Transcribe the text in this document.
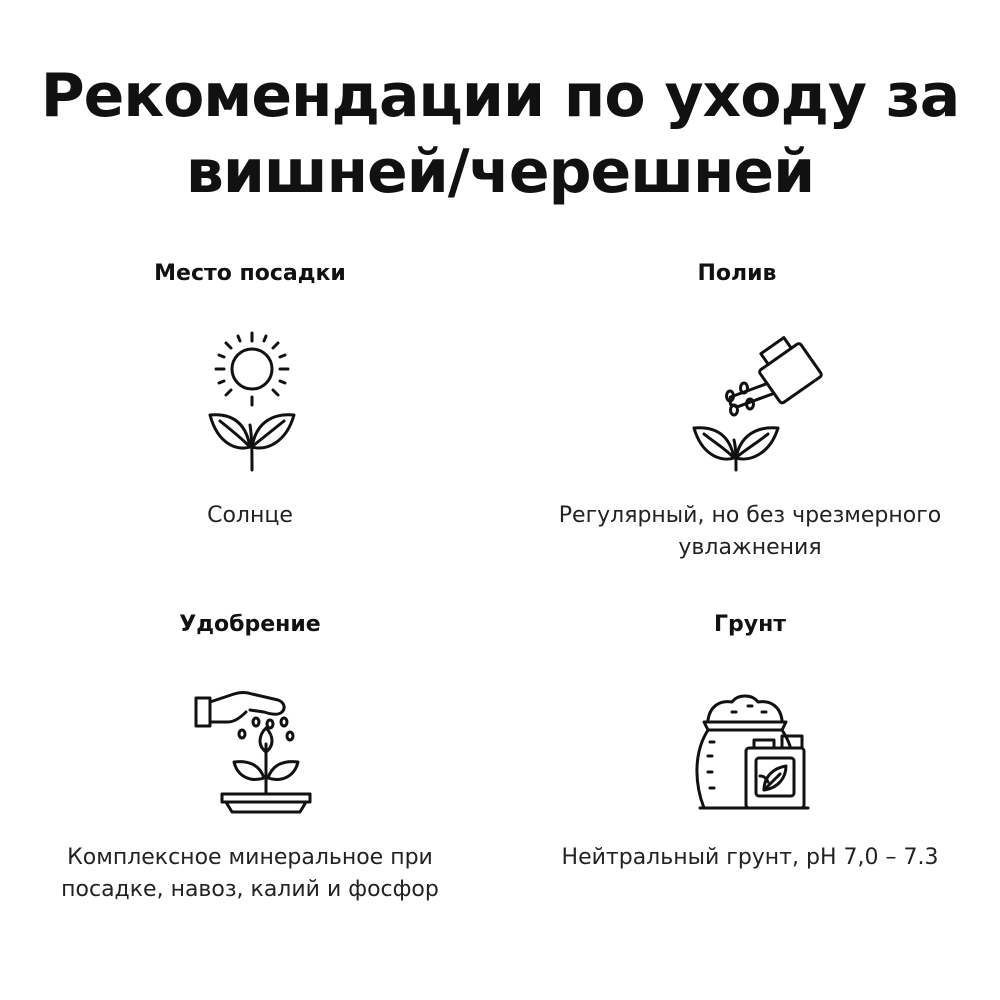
Рекомендации по уходу за
вишней/черешней

Место посадки

Солнце

Полив

Регулярный, но без чрезмерного
увлажнения

Удобрение

Комплексное минеральное при
посадке, навоз, калий и фосфор

Грунт

Нейтральный грунт, pH 7,0 – 7.3
